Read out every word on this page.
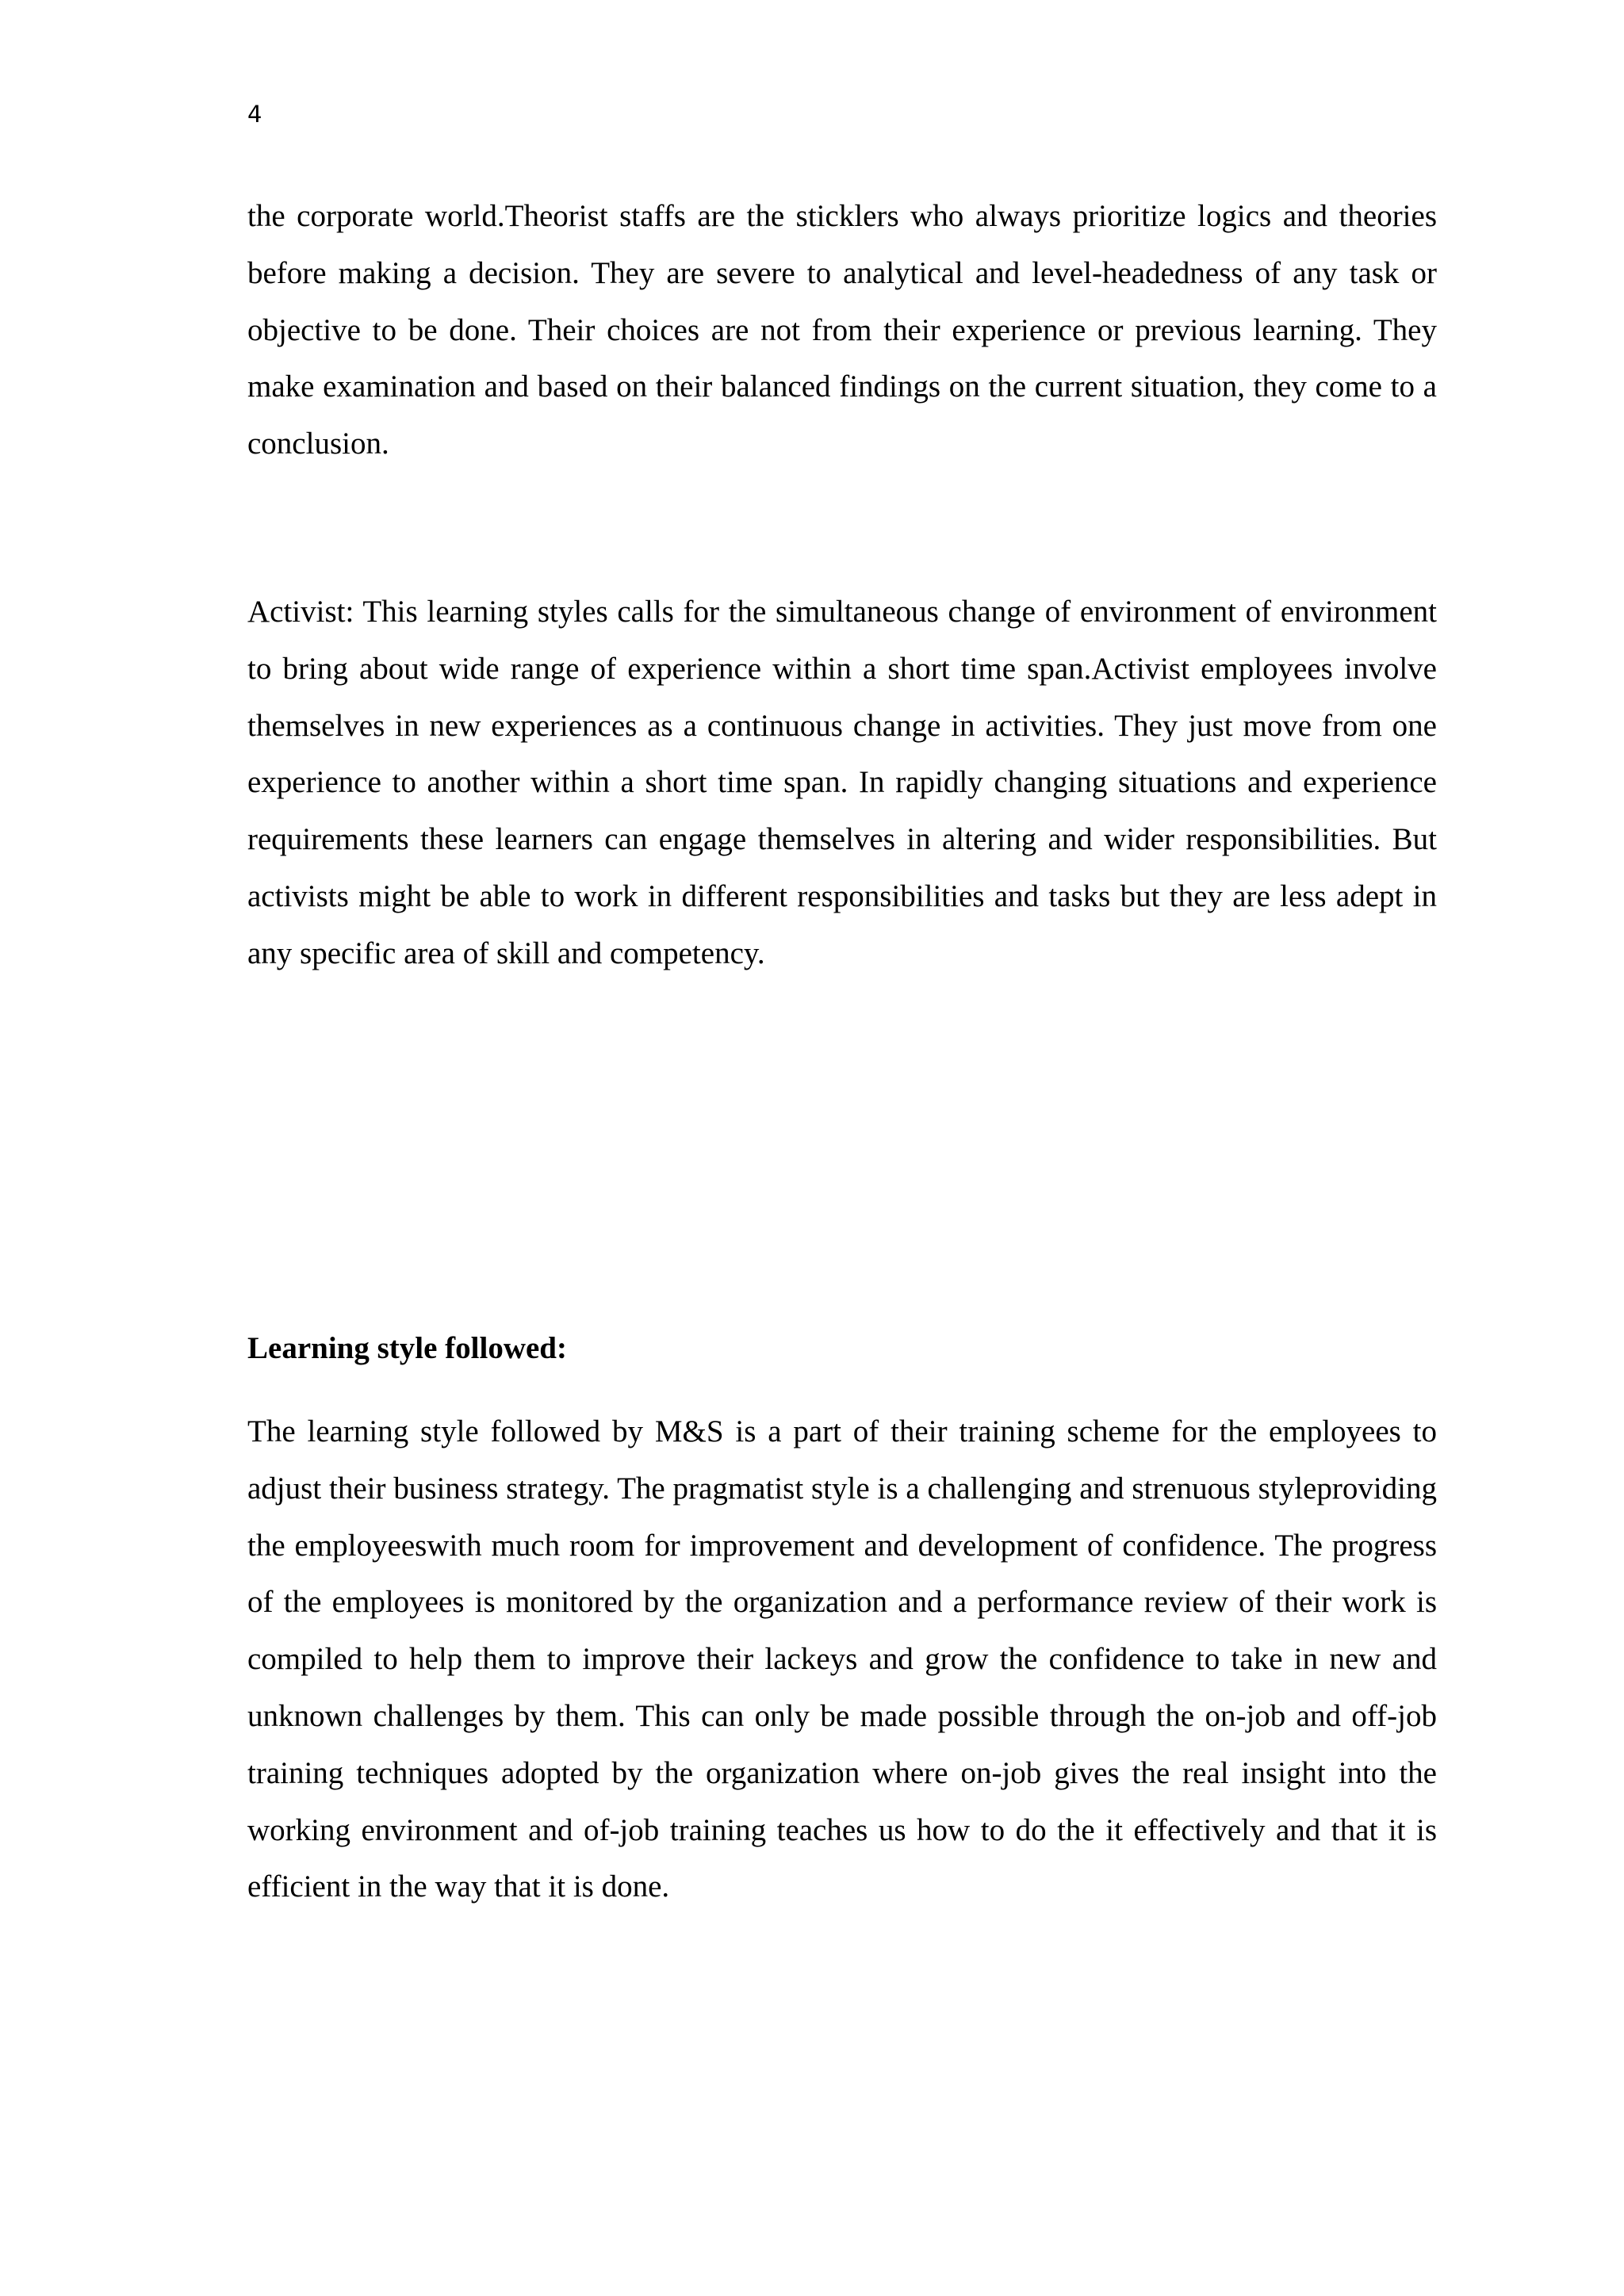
4

the corporate world.Theorist staffs are the sticklers who always prioritize logics and theories before making a decision. They are severe to analytical and level-headedness of any task or objective to be done. Their choices are not from their experience or previous learning. They make examination and based on their balanced findings on the current situation, they come to a conclusion.

Activist: This learning styles calls for the simultaneous change of environment of environment to bring about wide range of experience within a short time span.Activist employees involve themselves in new experiences as a continuous change in activities. They just move from one experience to another within a short time span. In rapidly changing situations and experience requirements these learners can engage themselves in altering and wider responsibilities. But activists might be able to work in different responsibilities and tasks but they are less adept in any specific area of skill and competency.

Learning style followed:

The learning style followed by M&S is a part of their training scheme for the employees to adjust their business strategy. The pragmatist style is a challenging and strenuous styleproviding the employeeswith much room for improvement and development of confidence. The progress of the employees is monitored by the organization and a performance review of their work is compiled to help them to improve their lackeys and grow the confidence to take in new and unknown challenges by them. This can only be made possible through the on-job and off-job training techniques adopted by the organization where on-job gives the real insight into the working environment and of-job training teaches us how to do the it effectively and that it is efficient in the way that it is done.
